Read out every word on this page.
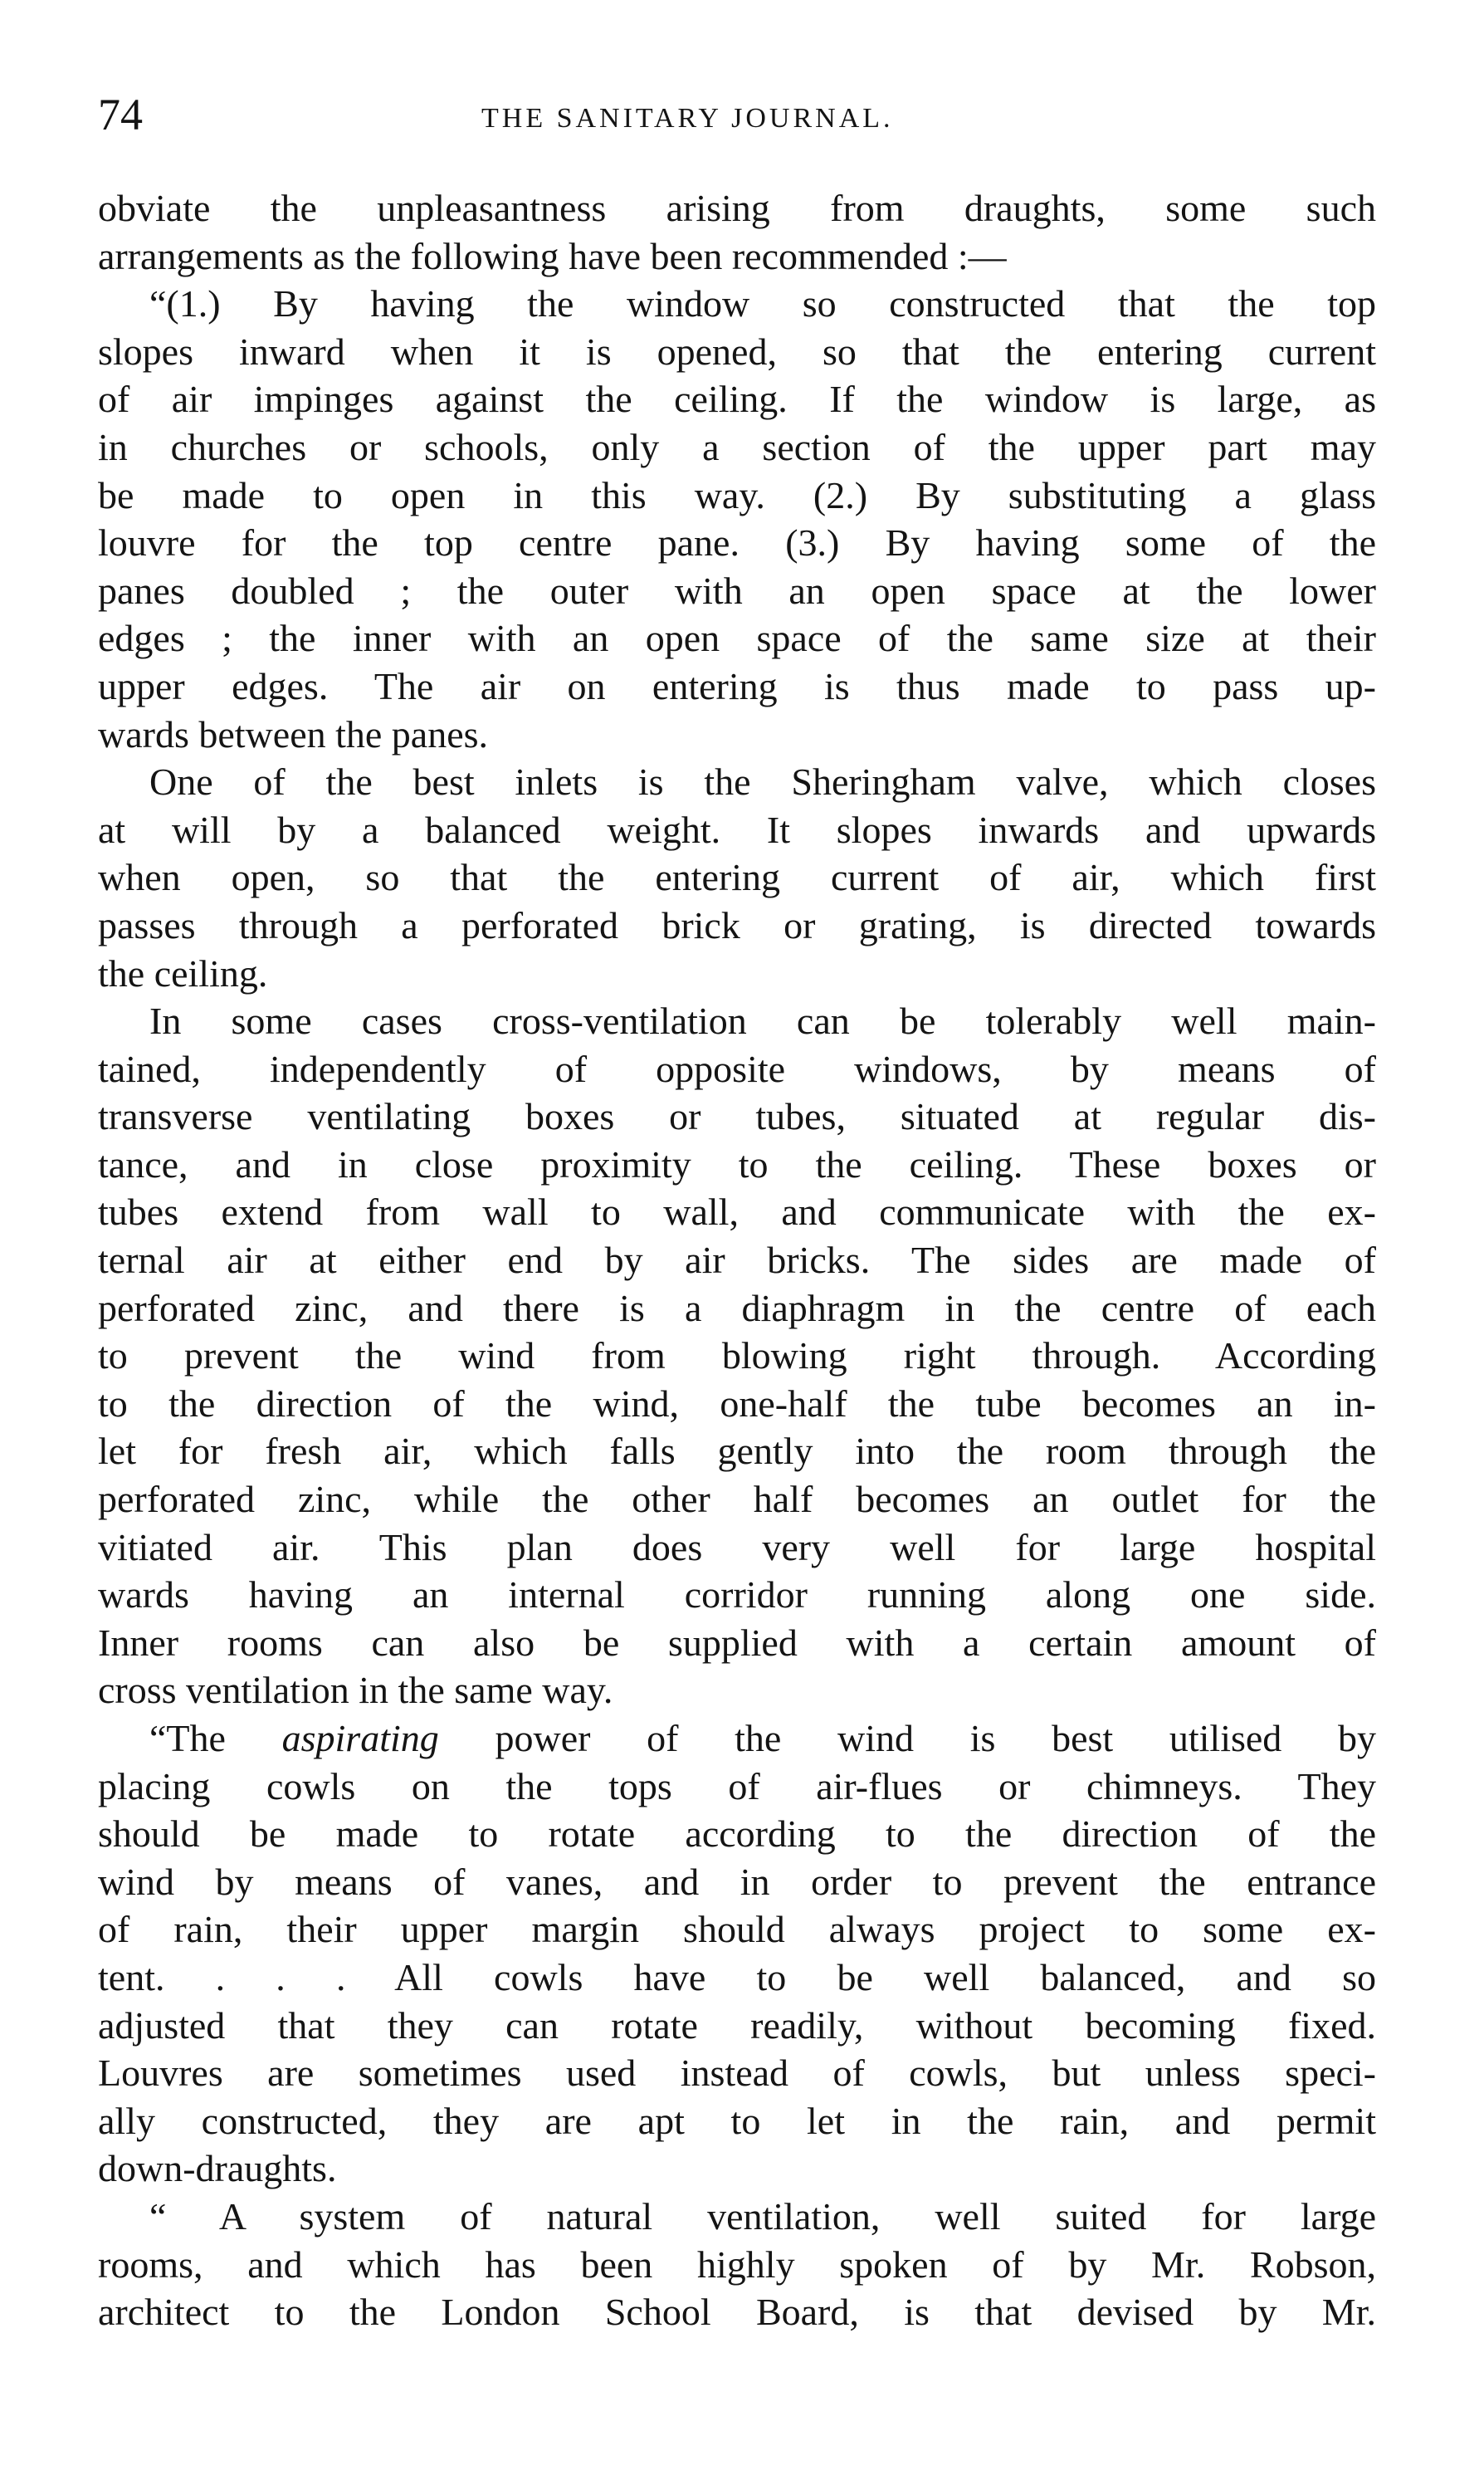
74	THE SANITARY JOURNAL.
obviate the unpleasantness arising from draughts, some such
arrangements as the following have been recommended :—
“(1.) By having the window so constructed that the top
slopes inward when it is opened, so that the entering current
of air impinges against the ceiling. If the window is large, as
in churches or schools, only a section of the upper part may
be made to open in this way. (2.) By substituting a glass
louvre for the top centre pane. (3.) By having some of the
panes doubled ; the outer with an open space at the lower
edges ; the inner with an open space of the same size at their
upper edges. The air on entering is thus made to pass up-
wards between the panes.
One of the best inlets is the Sheringham valve, which closes
at will by a balanced weight. It slopes inwards and upwards
when open, so that the entering current of air, which first
passes through a perforated brick or grating, is directed towards
the ceiling.
In some cases cross-ventilation can be tolerably well main-
tained, independently of opposite windows, by means of
transverse ventilating boxes or tubes, situated at regular dis-
tance, and in close proximity to the ceiling. These boxes or
tubes extend from wall to wall, and communicate with the ex-
ternal air at either end by air bricks. The sides are made of
perforated zinc, and there is a diaphragm in the centre of each
to prevent the wind from blowing right through. According
to the direction of the wind, one-half the tube becomes an in-
let for fresh air, which falls gently into the room through the
perforated zinc, while the other half becomes an outlet for the
vitiated air. This plan does very well for large hospital
wards having an internal corridor running along one side.
Inner rooms can also be supplied with a certain amount of
cross ventilation in the same way.
“The aspirating power of the wind is best utilised by
placing cowls on the tops of air-flues or chimneys. They
should be made to rotate according to the direction of the
wind by means of vanes, and in order to prevent the entrance
of rain, their upper margin should always project to some ex-
tent. . . . All cowls have to be well balanced, and so
adjusted that they can rotate readily, without becoming fixed.
Louvres are sometimes used instead of cowls, but unless speci-
ally constructed, they are apt to let in the rain, and permit
down-draughts.
“ A system of natural ventilation, well suited for large
rooms, and which has been highly spoken of by Mr. Robson,
architect to the London School Board, is that devised by Mr.
